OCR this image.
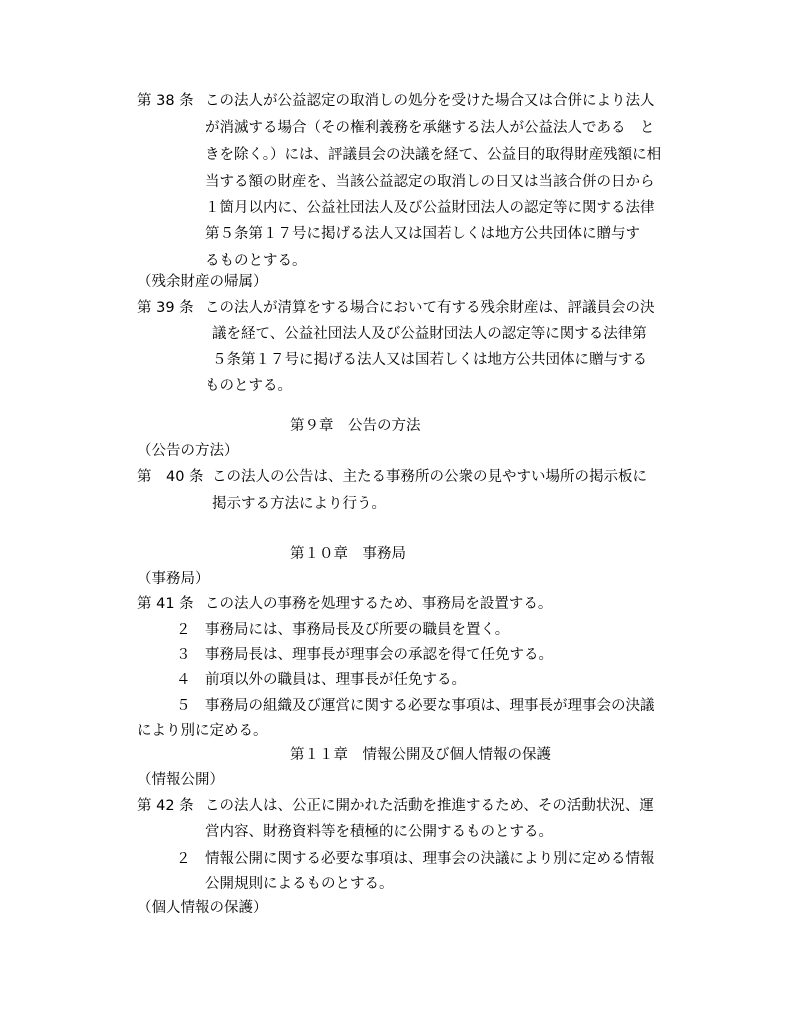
第 38 条 この法人が公益認定の取消しの処分を受けた場合又は合併により法人
が消滅する場合（その権利義務を承継する法人が公益法人である　と
きを除く。）には、評議員会の決議を経て、公益目的取得財産残額に相
当する額の財産を、当該公益認定の取消しの日又は当該合併の日から
１箇月以内に、公益社団法人及び公益財団法人の認定等に関する法律
第５条第１７号に掲げる法人又は国若しくは地方公共団体に贈与す
るものとする。
（残余財産の帰属）
第 39 条 この法人が清算をする場合において有する残余財産は、評議員会の決
議を経て、公益社団法人及び公益財団法人の認定等に関する法律第
５条第１７号に掲げる法人又は国若しくは地方公共団体に贈与する
ものとする。
第９章　公告の方法
（公告の方法）
第　40 条 この法人の公告は、主たる事務所の公衆の見やすい場所の掲示板に
掲示する方法により行う。
第１０章　事務局
（事務局）
第 41 条 この法人の事務を処理するため、事務局を設置する。
２ 事務局には、事務局長及び所要の職員を置く。
３ 事務局長は、理事長が理事会の承認を得て任免する。
４ 前項以外の職員は、理事長が任免する。
５ 事務局の組織及び運営に関する必要な事項は、理事長が理事会の決議
により別に定める。
第１１章　情報公開及び個人情報の保護
（情報公開）
第 42 条 この法人は、公正に開かれた活動を推進するため、その活動状況、運
営内容、財務資料等を積極的に公開するものとする。
２ 情報公開に関する必要な事項は、理事会の決議により別に定める情報
公開規則によるものとする。
（個人情報の保護）
